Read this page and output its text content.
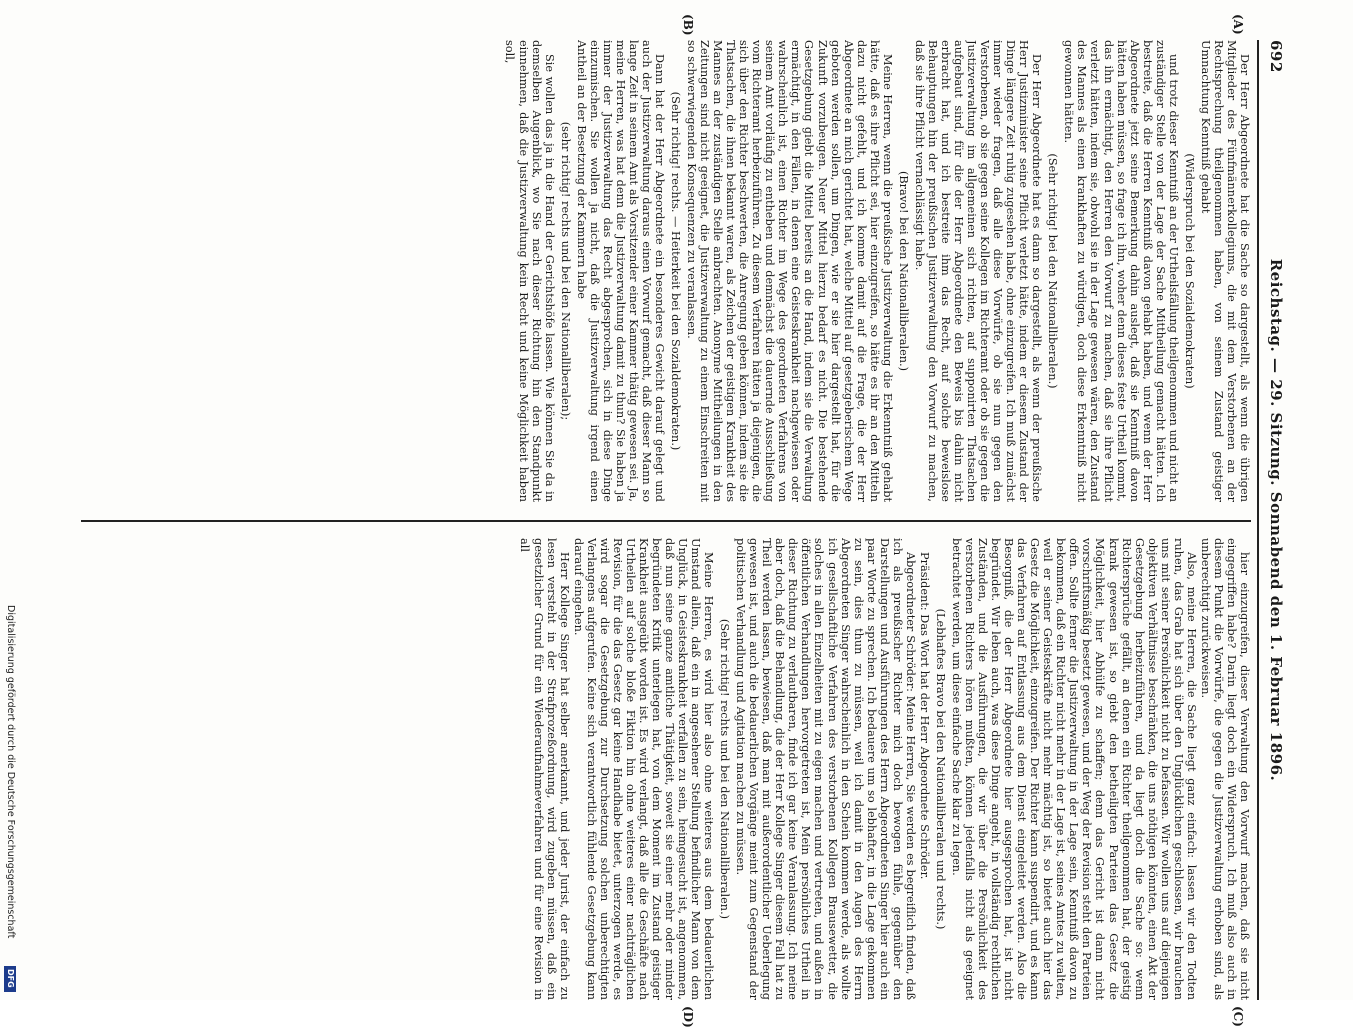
692
Reichstag. — 29. Sitzung. Sonnabend den 1. Februar 1896.
(A)
(B)
(C)
(D)

Der Herr Abgeordnete hat die Sache so dargestellt, als wenn die übrigen Mitglieder des Fünfmännerkollegiums, die mit dem Verstorbenen an der Rechtsprechung theilgenommen haben, von seinem Zustand geistiger Umnachtung Kenntniß gehabt

(Widerspruch bei den Sozialdemokraten)

und trotz dieser Kenntniß an der Urtheilsfällung theilgenommen und nicht an zuständiger Stelle von der Lage der Sache Mittheilung gemacht hätten. Ich bestreite, daß die Herren Kenntniß davon gehabt haben, und wenn der Herr Abgeordnete jetzt seine Bemerkung dahin auslegt, daß sie Kenntniß davon hätten haben müssen, so frage ich ihn, woher denn dieses feste Urtheil kommt, das ihn ermächtigt, den Herren den Vorwurf zu machen, daß sie ihre Pflicht verletzt hätten, indem sie, obwohl sie in der Lage gewesen wären, den Zustand des Mannes als einen krankhaften zu würdigen, doch diese Erkenntniß nicht gewonnen hätten.

(Sehr richtig! bei den Nationalliberalen.)

Der Herr Abgeordnete hat es dann so dargestellt, als wenn der preußische Herr Justizminister seine Pflicht verletzt hätte, indem er diesem Zustand der Dinge längere Zeit ruhig zugesehen habe, ohne einzugreifen. Ich muß zunächst immer wieder fragen, daß alle diese Vorwürfe, ob sie nun gegen den Verstorbenen, ob sie gegen seine Kollegen im Richteramt oder ob sie gegen die Justizverwaltung im allgemeinen sich richten, auf supponirten Thatsachen aufgebaut sind, für die der Herr Abgeordnete den Beweis bis dahin nicht erbracht hat, und ich bestreite ihm das Recht, auf solche beweislose Behauptungen hin der preußischen Justizverwaltung den Vorwurf zu machen, daß sie ihre Pflicht vernachlässigt habe.

(Bravo! bei den Nationalliberalen.)

Meine Herren, wenn die preußische Justizverwaltung die Erkenntniß gehabt hätte, daß es ihre Pflicht sei, hier einzugreifen, so hätte es ihr an den Mitteln dazu nicht gefehlt, und ich komme damit auf die Frage, die der Herr Abgeordnete an mich gerichtet hat, welche Mittel auf gesetzgeberischem Wege geboten werden sollen, um Dingen, wie er sie hier dargestellt hat, für die Zukunft vorzubeugen. Neuer Mittel hierzu bedarf es nicht. Die bestehende Gesetzgebung giebt die Mittel bereits an die Hand, indem sie die Verwaltung ermächtigt, in den Fällen, in denen eine Geisteskrankheit nachgewiesen oder wahrscheinlich ist, einen Richter im Wege des geordneten Verfahrens von seinem Amt vorläufig zu entheben und demnächst die dauernde Ausschließung vom Richteramt herbeizuführen. Zu diesem Verfahren hätten ja diejenigen, die sich über den Richter beschwerten, die Anregung geben können, indem sie die Thatsachen, die ihnen bekannt waren, als Zeichen der geistigen Krankheit des Mannes an der zuständigen Stelle anbrachten. Anonyme Mittheilungen in den Zeitungen sind nicht geeignet, die Justizverwaltung zu einem Einschreiten mit so schwerwiegenden Konsequenzen zu veranlassen.

(Sehr richtig! rechts. — Heiterkeit bei den Sozialdemokraten.)

Dann hat der Herr Abgeordnete ein besonderes Gewicht darauf gelegt und auch der Justizverwaltung daraus einen Vorwurf gemacht, daß dieser Mann so lange Zeit in seinem Amt als Vorsitzender einer Kammer thätig gewesen sei. Ja, meine Herren, was hat denn die Justizverwaltung damit zu thun? Sie haben ja immer der Justizverwaltung das Recht abgesprochen, sich in diese Dinge einzumischen. Sie wollen ja nicht, daß die Justizverwaltung irgend einen Antheil an der Besetzung der Kammern habe

(sehr richtig! rechts und bei den Nationalliberalen);

Sie wollen das ja in die Hand der Gerichtshöfe lassen. Wie können Sie da in demselben Augenblick, wo Sie nach dieser Richtung hin den Standpunkt einnehmen, daß die Justizverwaltung kein Recht und keine Möglichkeit haben soll,

hier einzugreifen, dieser Verwaltung den Vorwurf machen, daß sie nicht eingegriffen habe? Darin liegt doch ein Widerspruch. Ich muß also auch in diesem Punkt die Vorwürfe, die gegen die Justizverwaltung erhoben sind, als unberechtigt zurückweisen.

Also, meine Herren, die Sache liegt ganz einfach: lassen wir den Todten ruhen, das Grab hat sich über den Unglücklichen geschlossen, wir brauchen uns mit seiner Persönlichkeit nicht zu befassen. Wir wollen uns auf diejenigen objektiven Verhältnisse beschränken, die uns nöthigen könnten, einen Akt der Gesetzgebung herbeizuführen, und da liegt doch die Sache so: wenn Richtersprüche gefällt, an denen ein Richter theilgenommen hat, der geistig krank gewesen ist, so giebt den betheiligten Parteien das Gesetz die Möglichkeit, hier Abhülfe zu schaffen; denn das Gericht ist dann nicht vorschriftsmäßig besetzt gewesen, und der Weg der Revision steht den Parteien offen. Sollte ferner die Justizverwaltung in der Lage sein, Kenntniß davon zu bekommen, daß ein Richter nicht mehr in der Lage ist, seines Amtes zu walten, weil er seiner Geisteskräfte nicht mehr mächtig ist, so bietet auch hier das Gesetz die Möglichkeit, einzugreifen. Der Richter kann suspendirt, und es kann das Verfahren auf Entlassung aus dem Dienst eingeleitet werden. Also die Besorgniß, die der Herr Abgeordnete hier ausgesprochen hat, ist nicht begründet. Wir leben auch, was diese Dinge angeht, in vollständig rechtlichen Zuständen, und die Ausführungen, die wir über die Persönlichkeit des verstorbenen Richters hören mußten, können jedenfalls nicht als geeignet betrachtet werden, um diese einfache Sache klar zu legen.

(Lebhaftes Bravo bei den Nationalliberalen und rechts.)

Präsident: Das Wort hat der Herr Abgeordnete Schröder.

Abgeordneter Schröder: Meine Herren, Sie werden es begreiflich finden, daß ich als preußischer Richter mich doch bewogen fühle, gegenüber den Darstellungen und Ausführungen des Herrn Abgeordneten Singer hier auch ein paar Worte zu sprechen. Ich bedauere um so lebhafter, in die Lage gekommen zu sein, dies thun zu müssen, weil ich damit in den Augen des Herrn Abgeordneten Singer wahrscheinlich in den Schein kommen werde, als wollte ich gesellschaftliche Verfahren des verstorbenen Kollegen Brausewetter, die solches in allen Einzelheiten mit zu eigen machen und vertreten, und außen in öffentlichen Verhandlungen hervorgetreten ist, Mein persönliches Urtheil in dieser Richtung zu verlautbaren, finde ich gar keine Veranlassung. Ich meine aber doch, daß die Behandlung, die der Herr Kollege Singer diesem Fall hat zu Theil werden lassen, bewiesen, daß man mit außerordentlicher Ueberlegung gewesen ist, und auch die bedauerlichen Vorgänge meint zum Gegenstand der politischen Verhandlung und Agitation machen zu müssen.

(Sehr richtig! rechts und bei den Nationalliberalen.)

Meine Herren, es wird hier also ohne weiteres aus dem bedauerlichen Umstand allein, daß ein in angesehener Stellung befindlicher Mann von dem Unglück, in Geisteskrankheit verfallen zu sein, heimgesucht ist, angenommen, daß nun seine ganze amtliche Thätigkeit, soweit sie einer mehr oder minder begründeten Kritik unterlegen hat, von dem Moment im Zustand geistiger Krankheit ausgeübt worden ist. Es wird verlangt, daß alle die Geschäfte nach Urtheilen auf solche bloße Fiktion hin ohne weiteres einer nachträglichen Revision, für die das Gesetz gar keine Handhabe bietet, unterzogen werde, es wird sogar die Gesetzgebung zur Durchsetzung solchen unberechtigten Verlangens aufgerufen. Keine sich verantwortlich fühlende Gesetzgebung kann darauf eingehen.

Herr Kollege Singer hat selber anerkannt, und jeder Jurist, der einfach zu lesen versteht in der Strafprozeßordnung, wird zugeben müssen, daß ein gesetzlicher Grund für ein Wiederaufnahmeverfahren und für eine Revision in all

Digitalisierung gefördert durch die Deutsche Forschungsgemeinschaft
DFG
